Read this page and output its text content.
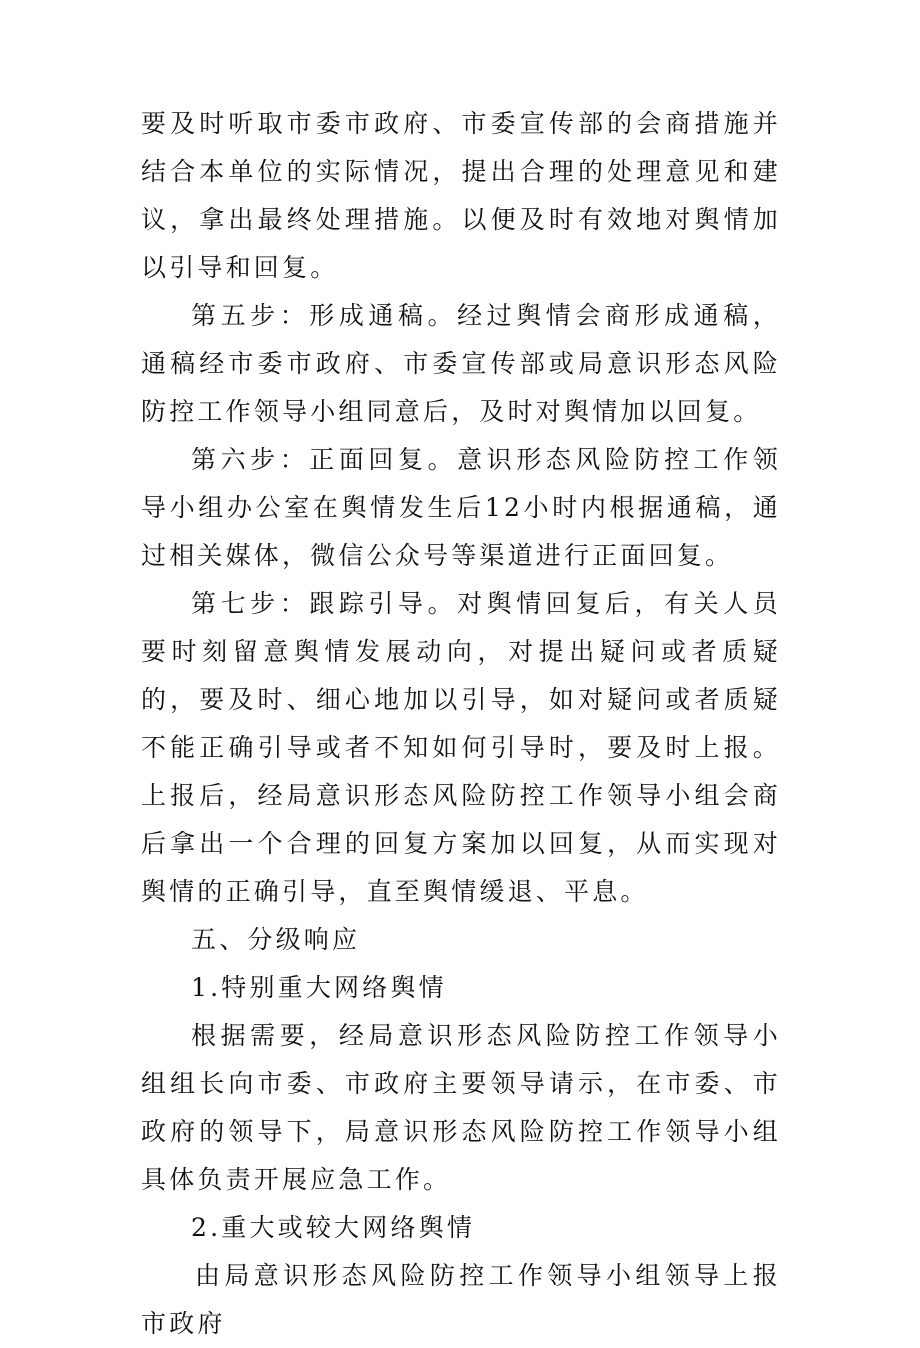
要及时听取市委市政府、市委宣传部的会商措施并结合本单位的实际情况，提出合理的处理意见和建议，拿出最终处理措施。以便及时有效地对舆情加以引导和回复。

第五步：形成通稿。经过舆情会商形成通稿，通稿经市委市政府、市委宣传部或局意识形态风险防控工作领导小组同意后，及时对舆情加以回复。

第六步：正面回复。意识形态风险防控工作领导小组办公室在舆情发生后12小时内根据通稿，通过相关媒体，微信公众号等渠道进行正面回复。

第七步：跟踪引导。对舆情回复后，有关人员要时刻留意舆情发展动向，对提出疑问或者质疑的，要及时、细心地加以引导，如对疑问或者质疑不能正确引导或者不知如何引导时，要及时上报。上报后，经局意识形态风险防控工作领导小组会商后拿出一个合理的回复方案加以回复，从而实现对舆情的正确引导，直至舆情缓退、平息。

五、分级响应

1.特别重大网络舆情

根据需要，经局意识形态风险防控工作领导小组组长向市委、市政府主要领导请示，在市委、市政府的领导下，局意识形态风险防控工作领导小组具体负责开展应急工作。

2.重大或较大网络舆情

由局意识形态风险防控工作领导小组领导上报市政府
